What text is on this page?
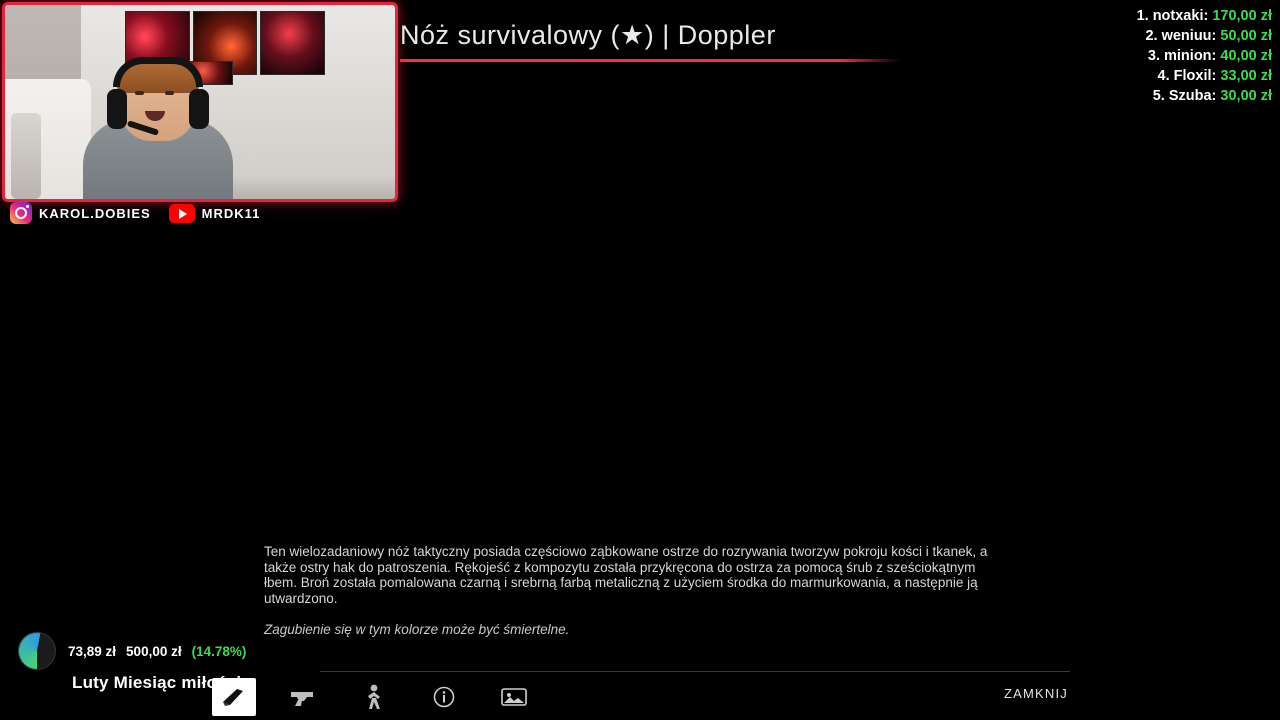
KAROL.DOBIES	MRDK11
Nóż survivalowy (★) | Doppler
1. notxaki: 170,00 zł
2. weniuu: 50,00 zł
3. minion: 40,00 zł
4. Floxil: 33,00 zł
5. Szuba: 30,00 zł
Ten wielozadaniowy nóż taktyczny posiada częściowo ząbkowane ostrze do rozrywania tworzyw pokroju kości i tkanek, a także ostry hak do patroszenia. Rękojeść z kompozytu została przykręcona do ostrza za pomocą śrub z sześciokątnym łbem. Broń została pomalowana czarną i srebrną farbą metaliczną z użyciem środka do marmurkowania, a następnie ją utwardzono.
Zagubienie się w tym kolorze może być śmiertelne.
ZAMKNIJ
73,89 zł 500,00 zł (14.78%)
Luty Miesiąc miłości
